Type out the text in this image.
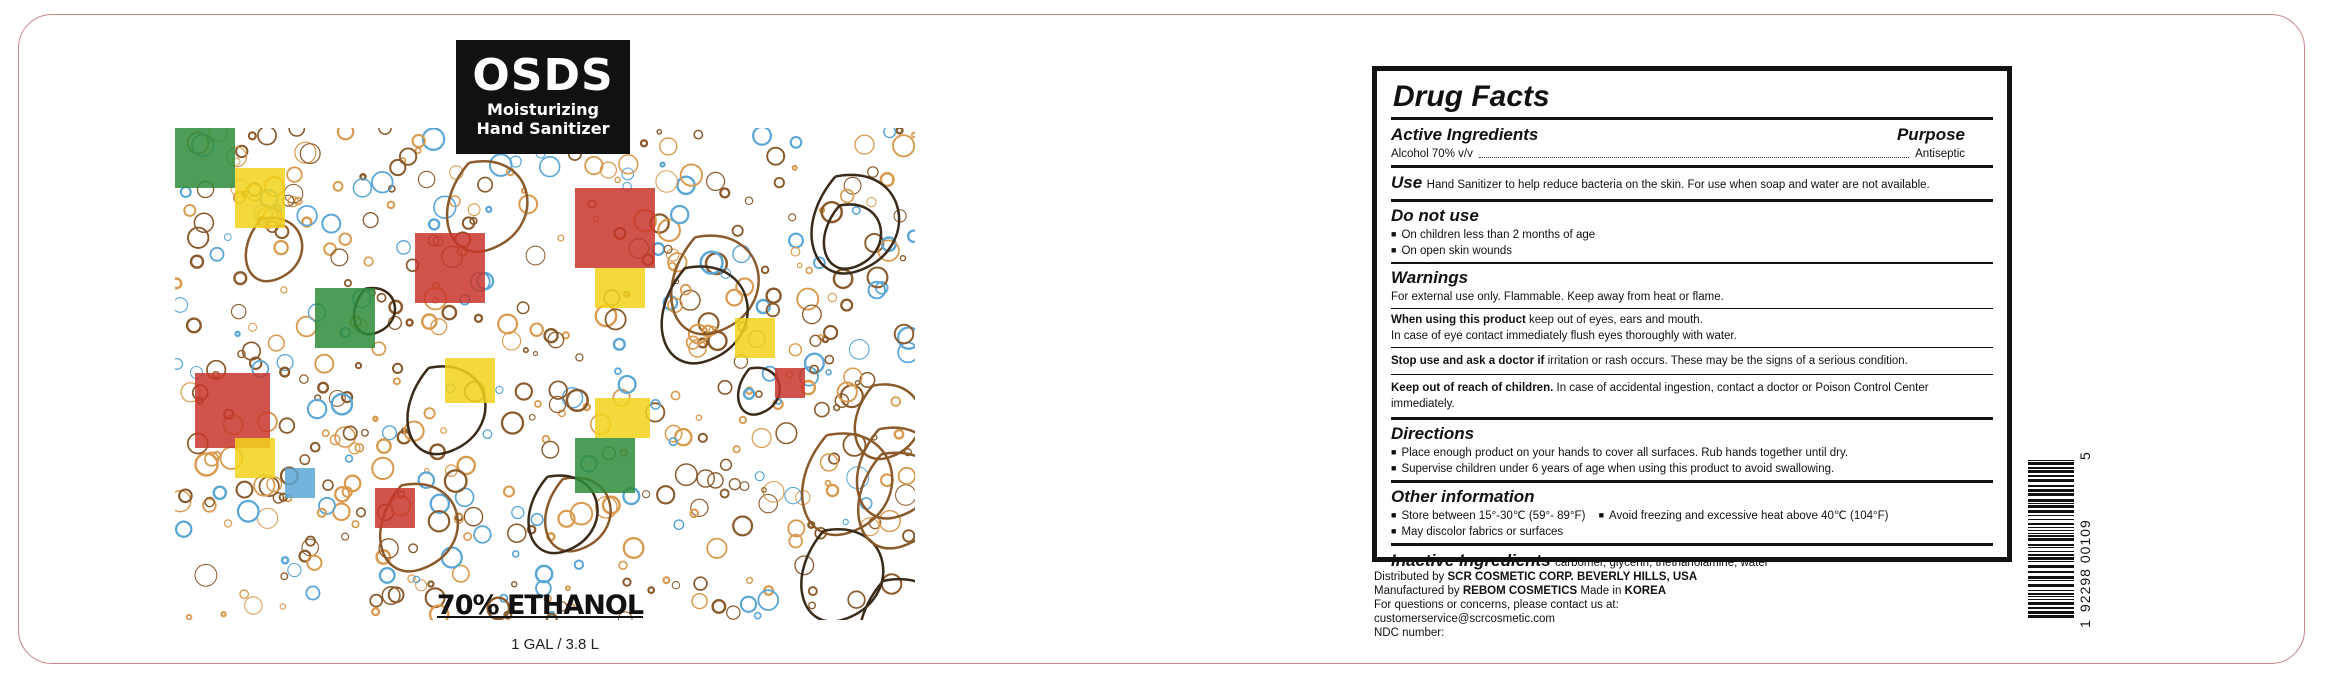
OSDS
Moisturizing
Hand Sanitizer
70% ETHANOL
1 GAL / 3.8 L
Drug Facts
Active Ingredients	Purpose
Alcohol 70% v/v	Antiseptic
Use Hand Sanitizer to help reduce bacteria on the skin. For use when soap and water are not available.
Do not use
■ On children less than 2 months of age
■ On open skin wounds
Warnings
For external use only. Flammable. Keep away from heat or flame.
When using this product keep out of eyes, ears and mouth.
In case of eye contact immediately flush eyes thoroughly with water.
Stop use and ask a doctor if irritation or rash occurs. These may be the signs of a serious condition.
Keep out of reach of children. In case of accidental ingestion, contact a doctor or Poison Control Center immediately.
Directions
■ Place enough product on your hands to cover all surfaces. Rub hands together until dry.
■ Supervise children under 6 years of age when using this product to avoid swallowing.
Other information
■ Store between 15°-30℃ (59°- 89°F) ■ Avoid freezing and excessive heat above 40℃ (104°F)
■ May discolor fabrics or surfaces
Inactive Ingredients carbomer, glycerin, triethanolamine, water
Distributed by SCR COSMETIC CORP. BEVERLY HILLS, USA
Manufactured by REBOM COSMETICS Made in KOREA
For questions or concerns, please contact us at:
customerservice@scrcosmetic.com
NDC number:
1
92298 00109
5
